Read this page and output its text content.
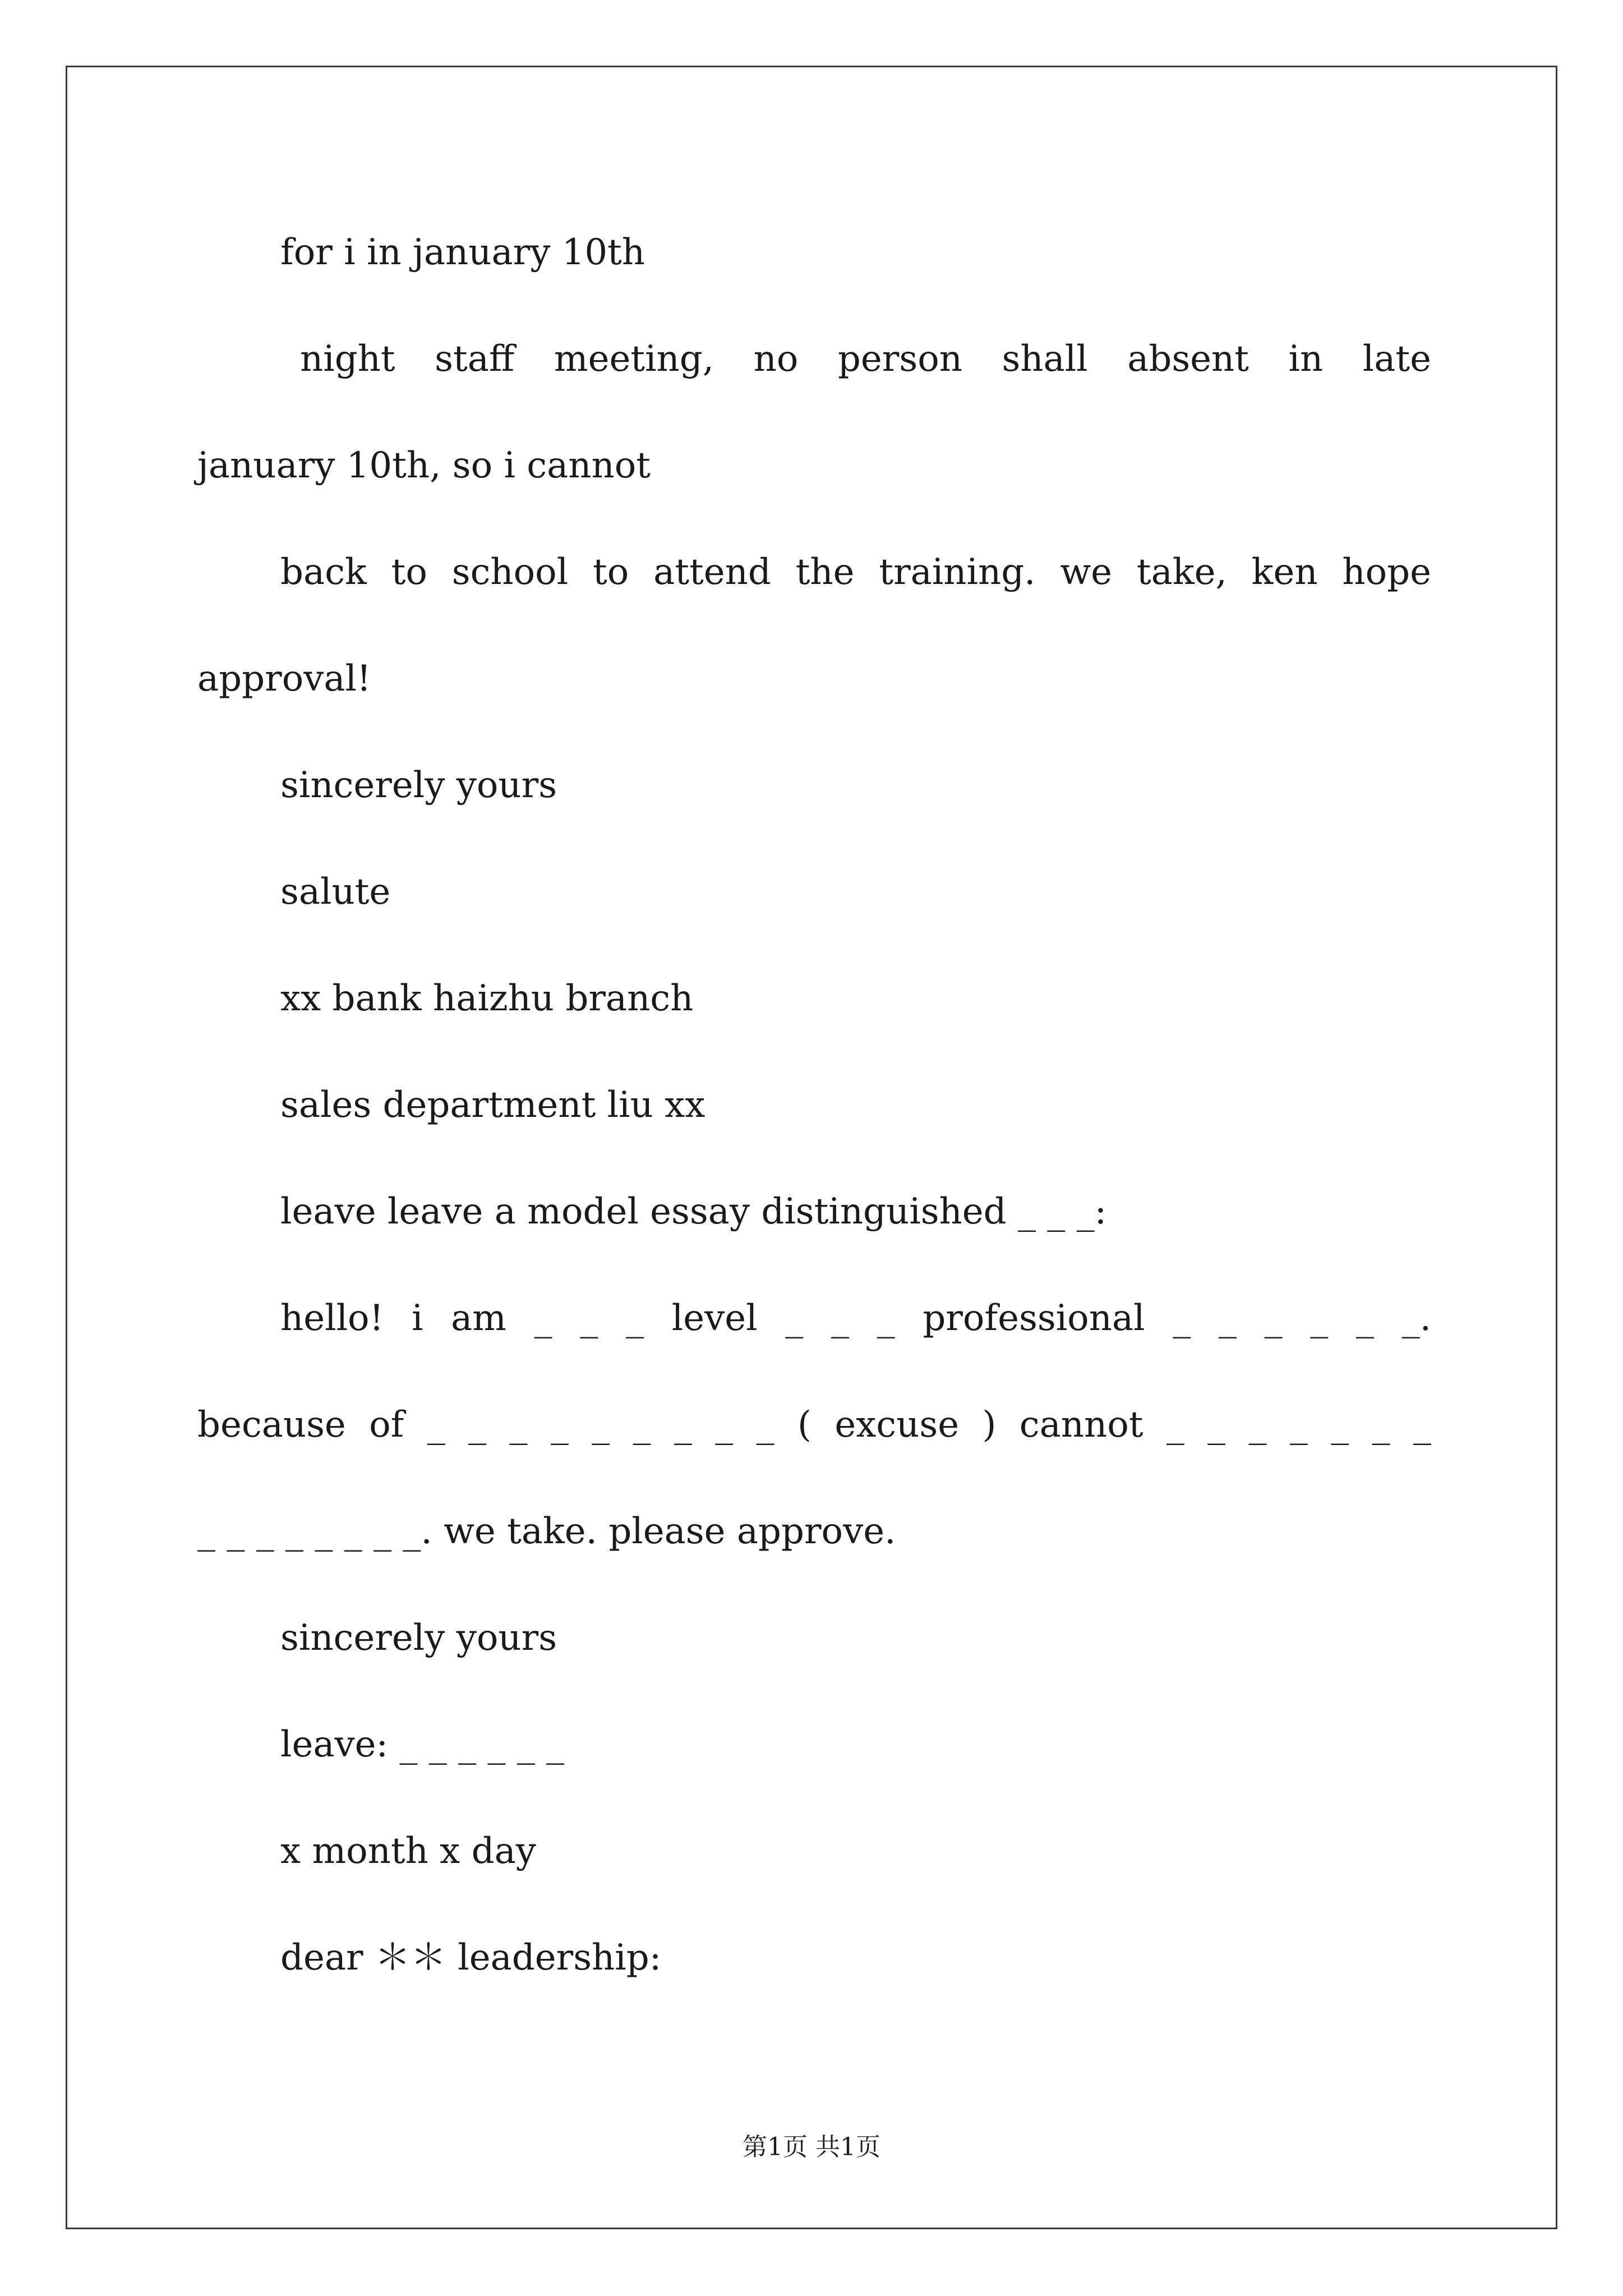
for i in january 10th
night staff meeting, no person shall absent in late
january 10th, so i cannot
back to school to attend the training. we take, ken hope
approval!
sincerely yours
salute
xx bank haizhu branch
sales department liu xx
leave leave a model essay distinguished _ _ _:
hello! i am _ _ _ level _ _ _ professional _ _ _ _ _ _.
because of _ _ _ _ _ _ _ _ _ ( excuse ) cannot _ _ _ _ _ _ _
_ _ _ _ _ _ _ _. we take. please approve.
sincerely yours
leave: _ _ _ _ _ _
x month x day
dear ＊＊ leadership:
第1页 共1页
